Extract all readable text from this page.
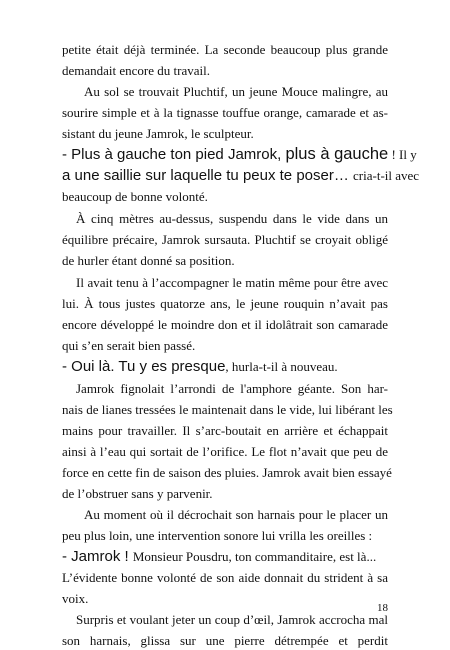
petite était déjà terminée. La seconde beaucoup plus grande
demandait encore du travail.
Au sol se trouvait Pluchtif, un jeune Mouce malingre, au
sourire simple et à la tignasse touffue orange, camarade et as-
sistant du jeune Jamrok, le sculpteur.
- Plus à gauche ton pied Jamrok, plus à gauche ! Il y
a une saillie sur laquelle tu peux te poser… cria-t-il avec
beaucoup de bonne volonté.
À cinq mètres au-dessus, suspendu dans le vide dans un
équilibre précaire, Jamrok sursauta. Pluchtif se croyait obligé
de hurler étant donné sa position.
Il avait tenu à l’accompagner le matin même pour être avec
lui. À tous justes quatorze ans, le jeune rouquin n’avait pas
encore développé le moindre don et il idolâtrait son camarade
qui s’en serait bien passé.
- Oui là. Tu y es presque, hurla-t-il à nouveau.
Jamrok fignolait l’arrondi de l'amphore géante. Son har-
nais de lianes tressées le maintenait dans le vide, lui libérant les
mains pour travailler. Il s’arc-boutait en arrière et échappait
ainsi à l’eau qui sortait de l’orifice. Le flot n’avait que peu de
force en cette fin de saison des pluies. Jamrok avait bien essayé
de l’obstruer sans y parvenir.
Au moment où il décrochait son harnais pour le placer un
peu plus loin, une intervention sonore lui vrilla les oreilles :
- Jamrok ! Monsieur Pousdru, ton commanditaire, est là...
L’évidente bonne volonté de son aide donnait du strident à sa
voix.
Surpris et voulant jeter un coup d’œil, Jamrok accrocha mal
son harnais, glissa sur une pierre détrempée et perdit
18
